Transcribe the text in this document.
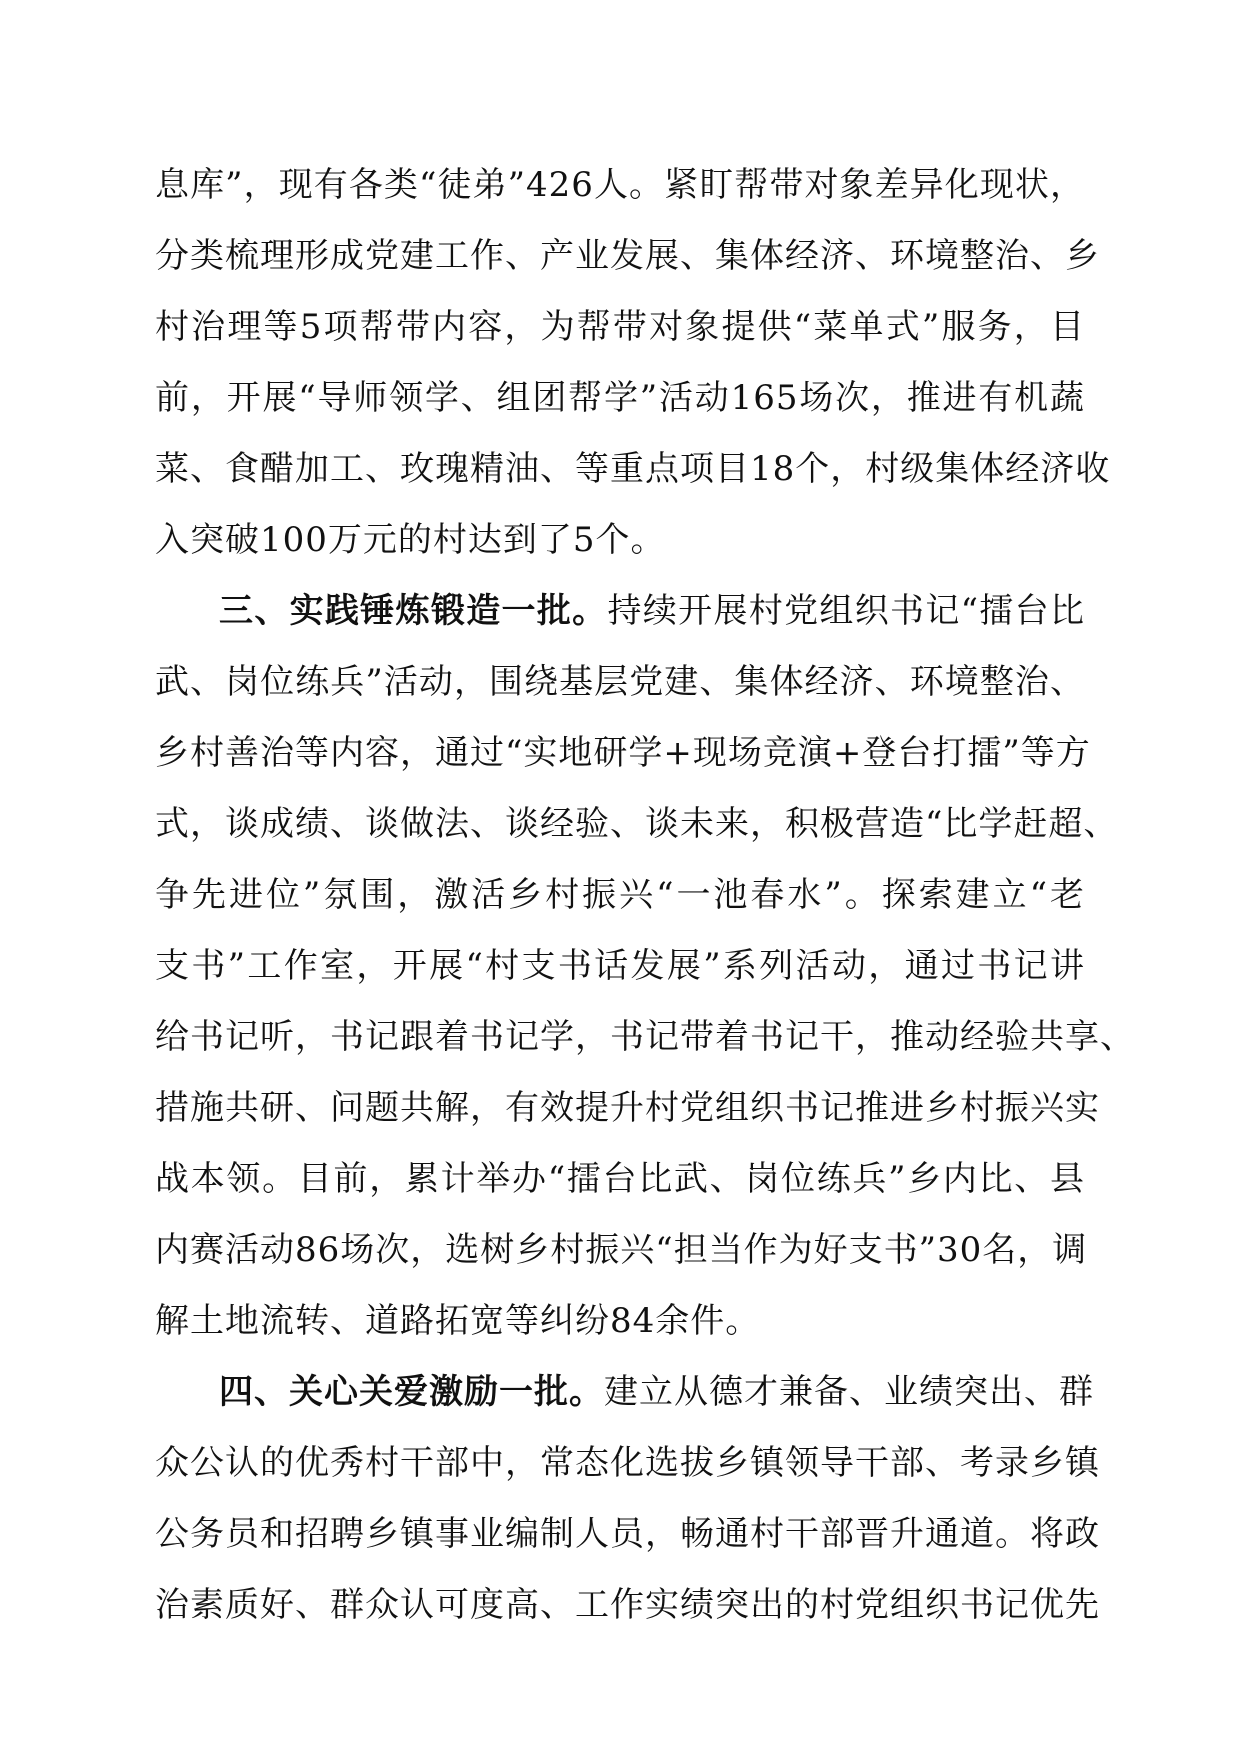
息库”，现有各类“徒弟”426人。紧盯帮带对象差异化现状，
分类梳理形成党建工作、产业发展、集体经济、环境整治、乡
村治理等5项帮带内容，为帮带对象提供“菜单式”服务，目
前，开展“导师领学、组团帮学”活动165场次，推进有机蔬
菜、食醋加工、玫瑰精油、等重点项目18个，村级集体经济收
入突破100万元的村达到了5个。
三、实践锤炼锻造一批。持续开展村党组织书记“擂台比
武、岗位练兵”活动，围绕基层党建、集体经济、环境整治、
乡村善治等内容，通过“实地研学+现场竞演+登台打擂”等方
式，谈成绩、谈做法、谈经验、谈未来，积极营造“比学赶超、
争先进位”氛围，激活乡村振兴“一池春水”。探索建立“老
支书”工作室，开展“村支书话发展”系列活动，通过书记讲
给书记听，书记跟着书记学，书记带着书记干，推动经验共享、
措施共研、问题共解，有效提升村党组织书记推进乡村振兴实
战本领。目前，累计举办“擂台比武、岗位练兵”乡内比、县
内赛活动86场次，选树乡村振兴“担当作为好支书”30名，调
解土地流转、道路拓宽等纠纷84余件。
四、关心关爱激励一批。建立从德才兼备、业绩突出、群
众公认的优秀村干部中，常态化选拔乡镇领导干部、考录乡镇
公务员和招聘乡镇事业编制人员，畅通村干部晋升通道。将政
治素质好、群众认可度高、工作实绩突出的村党组织书记优先
